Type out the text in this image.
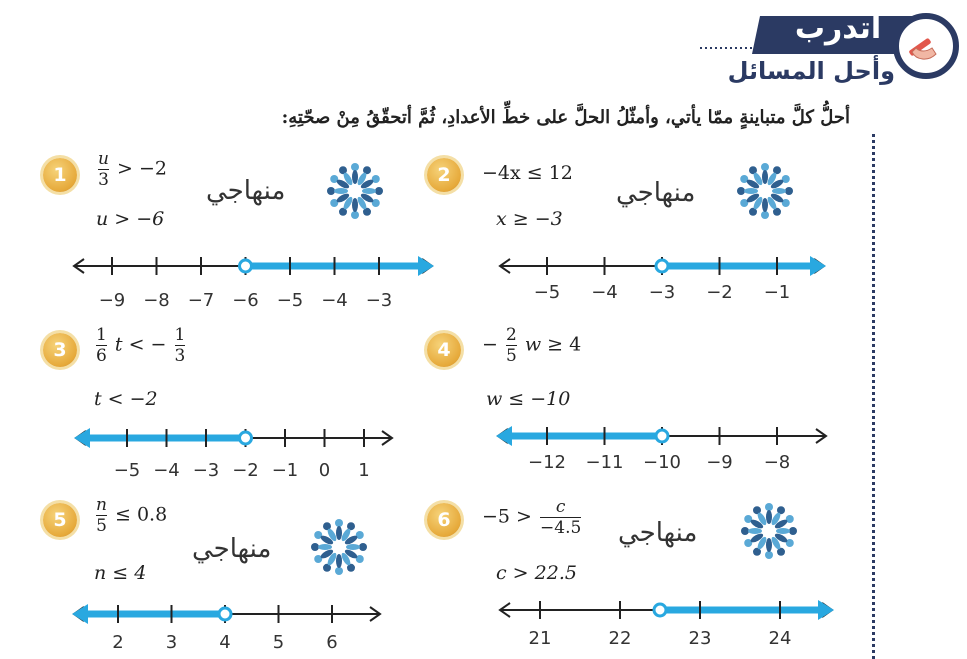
أتدرب
وأحل المسائل
أحلُّ كلَّ متباينةٍ ممّا يأتي، وأمثّلُ الحلَّ على خطِّ الأعدادِ، ثُمَّ أتحقّقُ مِنْ صحّتِهِ:
1	$\frac{u}{3} > -2$
u > −6
منهاجي
2	−4x ≤ 12
x ≥ −3
منهاجي
3	$\frac{1}{6}$ t < − $\frac{1}{3}$
t < −2
4	− $\frac{2}{5}$ w ≥ 4
w ≤ −10
5	$\frac{n}{5} \le 0.8$
n ≤ 4
منهاجي
6	$-5 > \frac{c}{-4.5}$
c > 22.5
منهاجي
−9 −8 −7 −6 −5 −4 −3	−5 −4 −3 −2 −1
−5 −4 −3 −2 −1 0 1	−12 −11 −10 −9 −8
2 3 4 5 6	21	22	23	24
